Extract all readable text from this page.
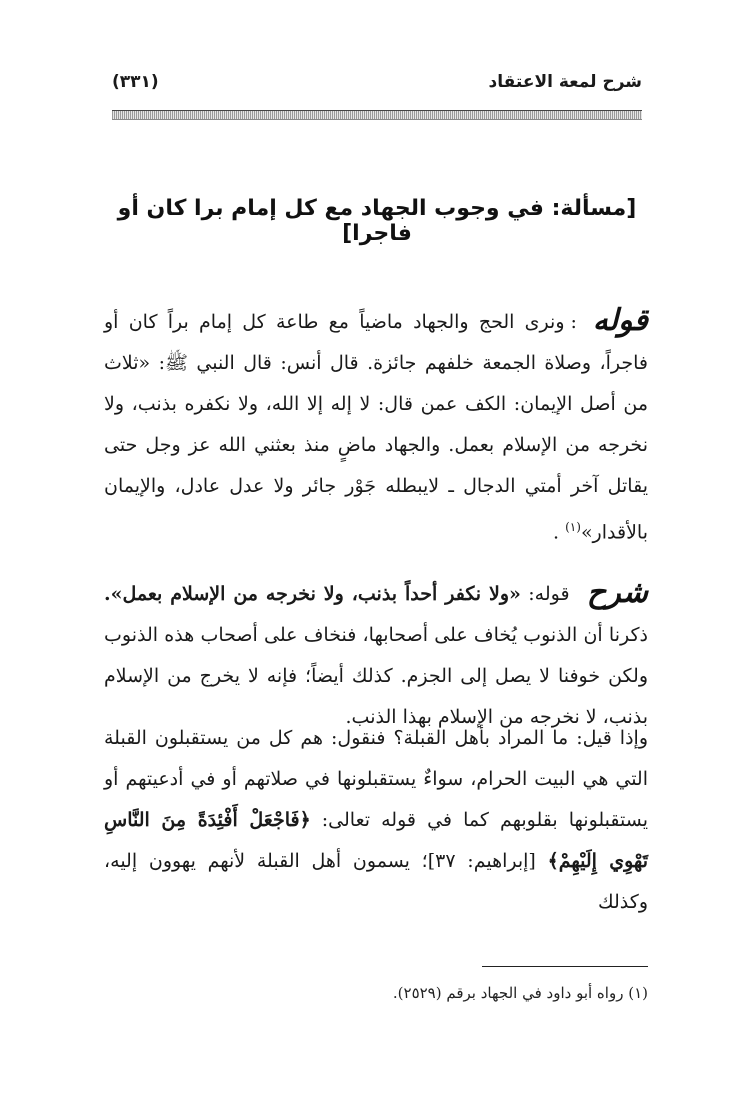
شرح لمعة الاعتقاد
(٣٣١)
[مسألة: في وجوب الجهاد مع كل إمام برا كان أو فاجرا]
قوله:ونرى الحج والجهاد ماضياً مع طاعة كل إمام براً كان أو فاجراً، وصلاة الجمعة خلفهم جائزة. قال أنس: قال النبي ﷺ: «ثلاث من أصل الإيمان: الكف عمن قال: لا إله إلا الله، ولا نكفره بذنب، ولا نخرجه من الإسلام بعمل. والجهاد ماضٍ منذ بعثني الله عز وجل حتى يقاتل آخر أمتي الدجال ـ لايبطله جَوْر جائر ولا عدل عادل، والإيمان بالأقدار»$^{(١)}$ .
شرح قوله: «ولا نكفر أحداً بذنب، ولا نخرجه من الإسلام بعمل». ذكرنا أن الذنوب يُخاف على أصحابها، فنخاف على أصحاب هذه الذنوب ولكن خوفنا لا يصل إلى الجزم. كذلك أيضاً؛ فإنه لا يخرج من الإسلام بذنب، لا نخرجه من الإسلام بهذا الذنب.
وإذا قيل: ما المراد بأهل القبلة؟ فنقول: هم كل من يستقبلون القبلة التي هي البيت الحرام، سواءٌ يستقبلونها في صلاتهم أو في أدعيتهم أو يستقبلونها بقلوبهم كما في قوله تعالى: ﴿فَاجْعَلْ أَفْئِدَةً مِنَ النَّاسِ تَهْوِي إِلَيْهِمْ﴾ [إبراهيم: ٣٧]؛ يسمون أهل القبلة لأنهم يهوون إليه، وكذلك
(١) رواه أبو داود في الجهاد برقم (٢٥٢٩).
